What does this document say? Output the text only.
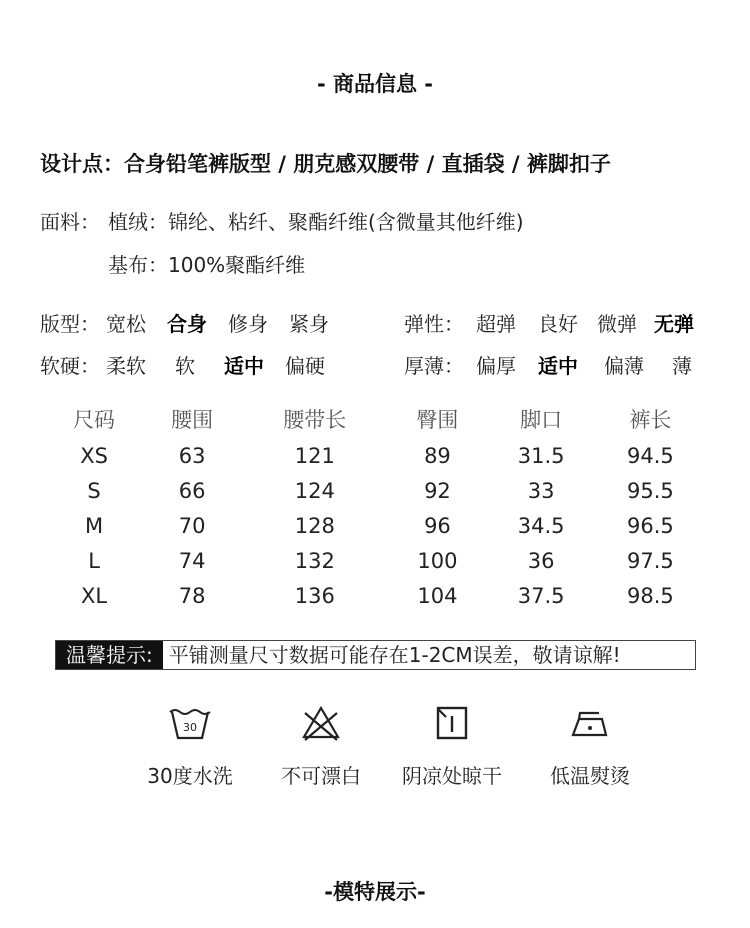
- 商品信息 -
设计点：合身铅笔裤版型 / 朋克感双腰带 / 直插袋 / 裤脚扣子
面料： 植绒：锦纶、粘纤、聚酯纤维(含微量其他纤维)
基布：100%聚酯纤维
版型： 宽松 合身 修身 紧身	弹性： 超弹 良好 微弹 无弹
软硬： 柔软 软 适中 偏硬	厚薄： 偏厚 适中 偏薄 薄
尺码	腰围	腰带长	臀围	脚口	裤长
XS	63	121	89	31.5	94.5
S	66	124	92	33	95.5
M	70	128	96	34.5	96.5
L	74	132	100	36	97.5
XL	78	136	104	37.5	98.5
温馨提示: 平铺测量尺寸数据可能存在1-2CM误差，敬请谅解!
30
30度水洗	不可漂白	阴凉处晾干	低温熨烫
-模特展示-
